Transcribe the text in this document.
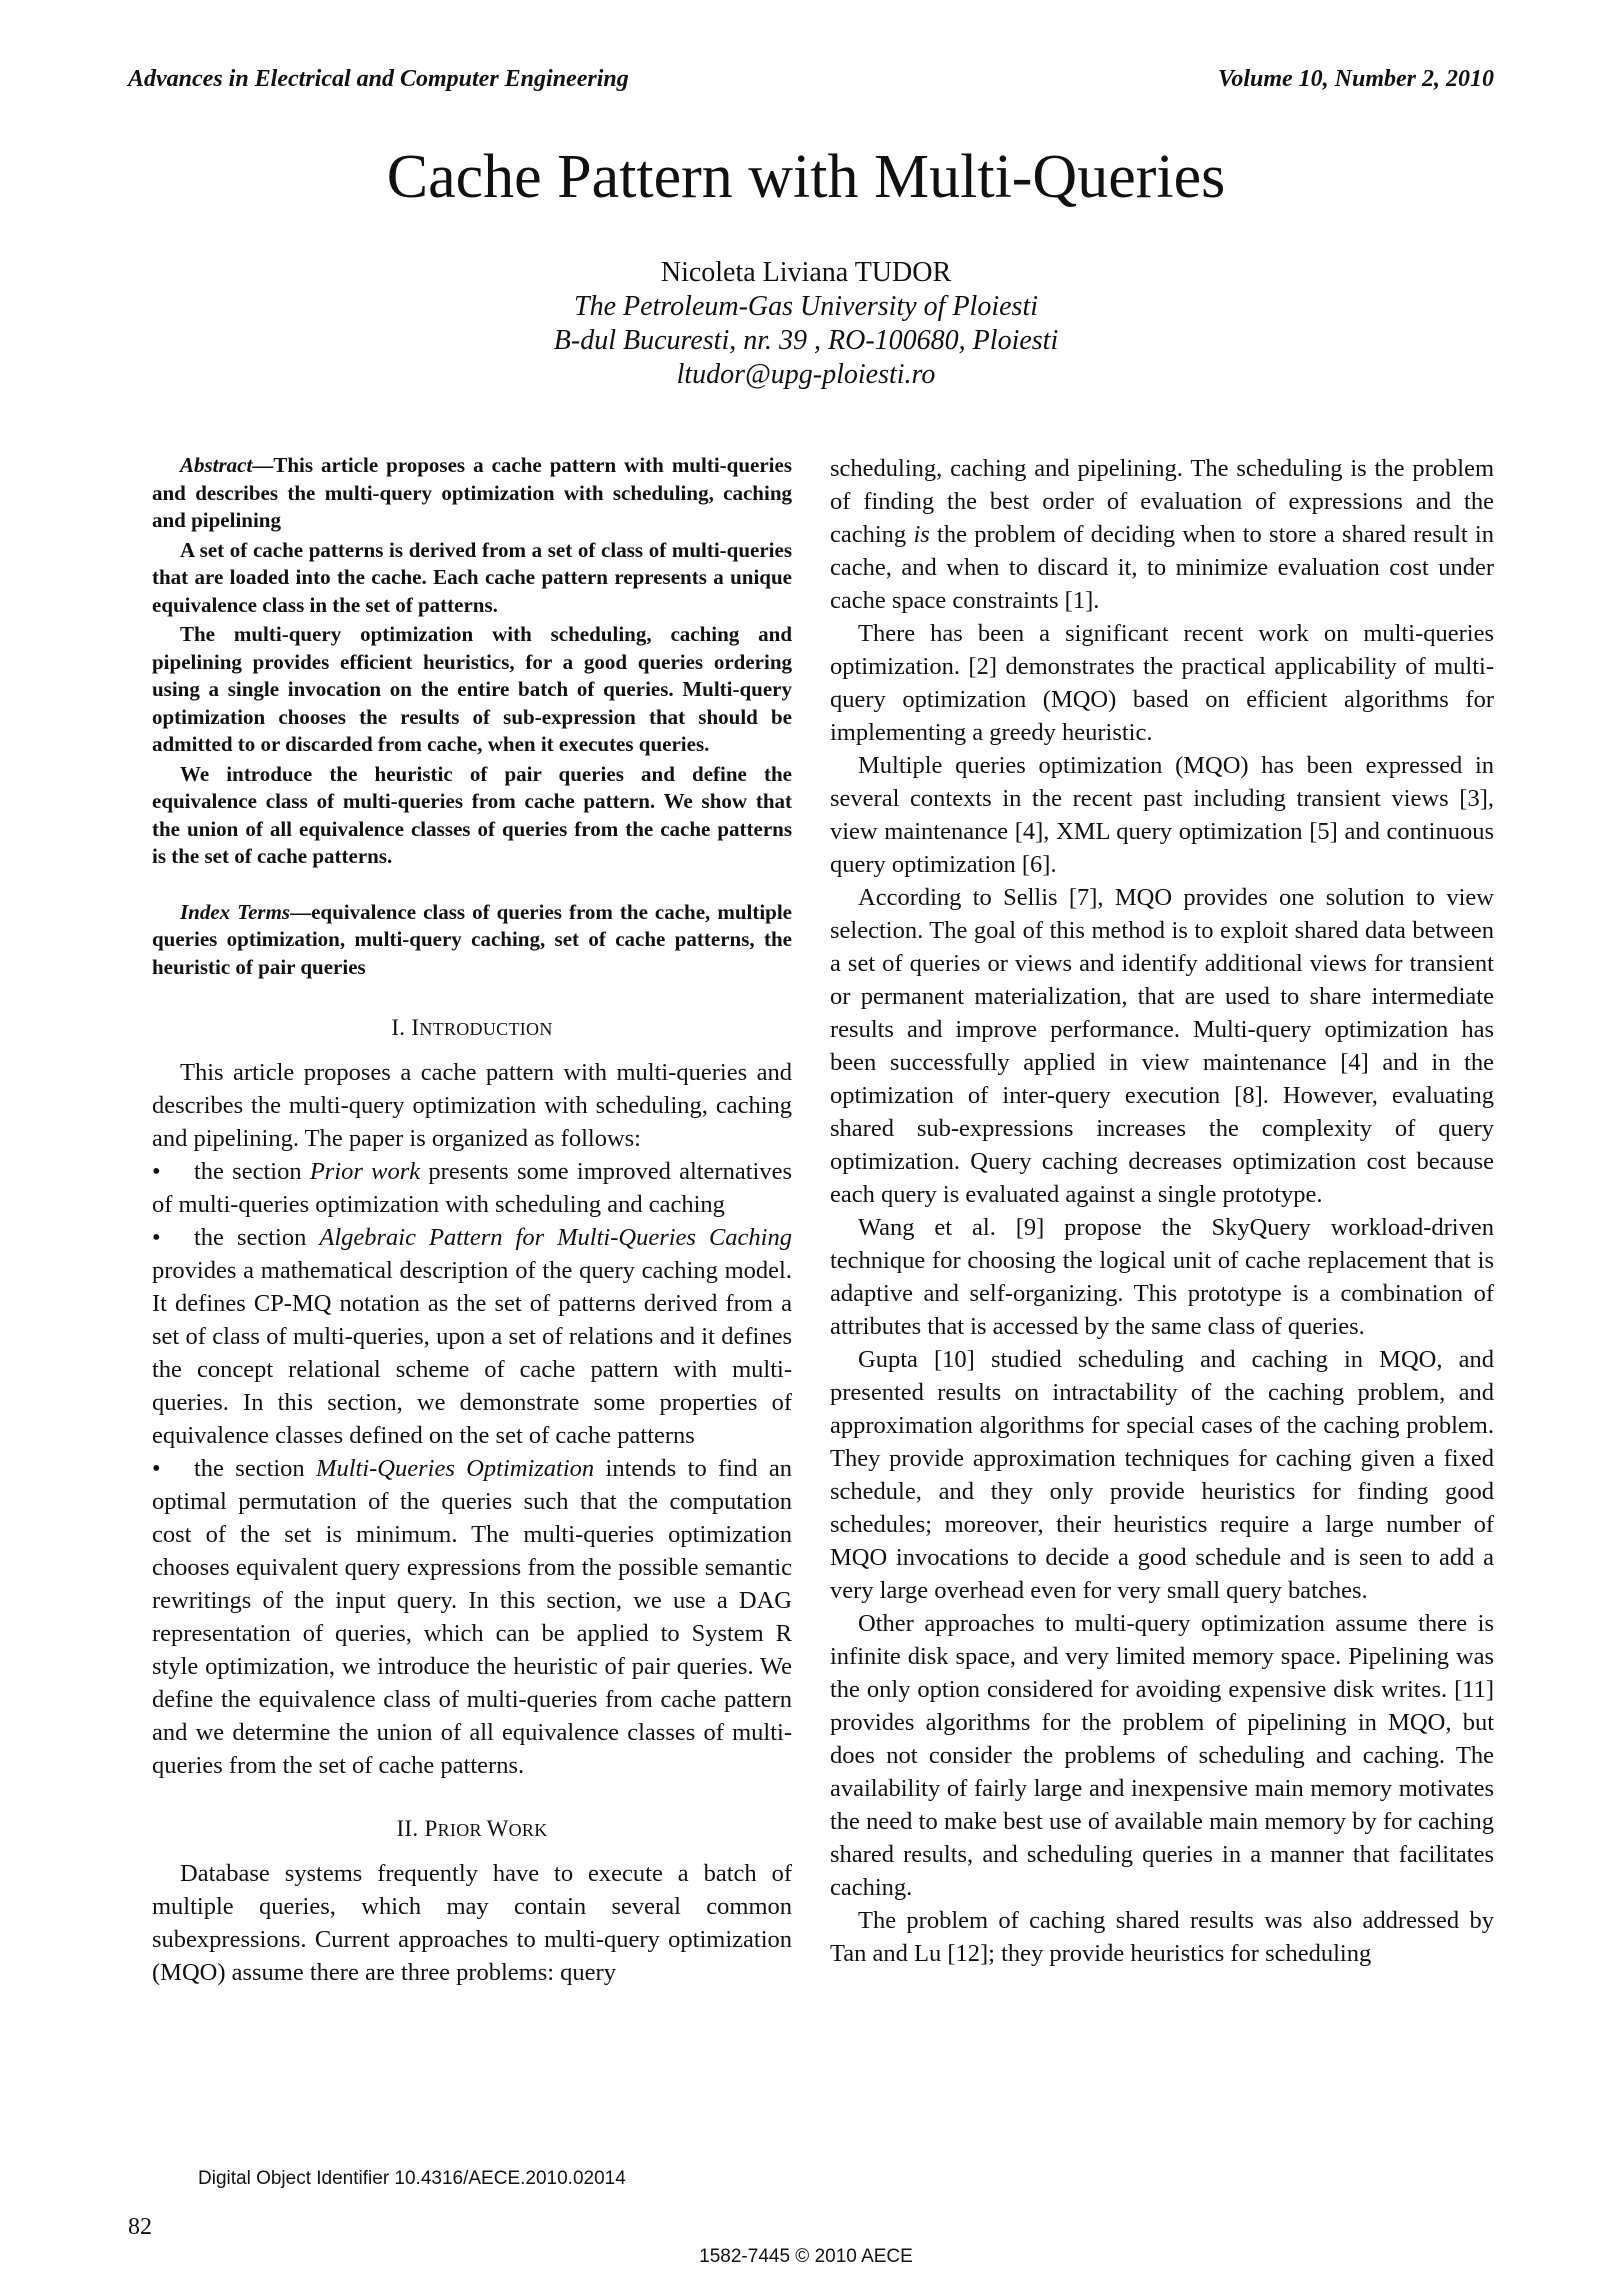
Advances in Electrical and Computer Engineering	Volume 10, Number 2, 2010
Cache Pattern with Multi-Queries
Nicoleta Liviana TUDOR
The Petroleum-Gas University of Ploiesti
B-dul Bucuresti, nr. 39 , RO-100680, Ploiesti
ltudor@upg-ploiesti.ro

Abstract—This article proposes a cache pattern with multi-queries and describes the multi-query optimization with scheduling, caching and pipelining

A set of cache patterns is derived from a set of class of multi-queries that are loaded into the cache. Each cache pattern represents a unique equivalence class in the set of patterns.

The multi-query optimization with scheduling, caching and pipelining provides efficient heuristics, for a good queries ordering using a single invocation on the entire batch of queries. Multi-query optimization chooses the results of sub-expression that should be admitted to or discarded from cache, when it executes queries.

We introduce the heuristic of pair queries and define the equivalence class of multi-queries from cache pattern. We show that the union of all equivalence classes of queries from the cache patterns is the set of cache patterns.

Index Terms—equivalence class of queries from the cache, multiple queries optimization, multi-query caching, set of cache patterns, the heuristic of pair queries

I. INTRODUCTION

This article proposes a cache pattern with multi-queries and describes the multi-query optimization with scheduling, caching and pipelining. The paper is organized as follows:

• the section Prior work presents some improved alternatives of multi-queries optimization with scheduling and caching
• the section Algebraic Pattern for Multi-Queries Caching provides a mathematical description of the query caching model. It defines CP-MQ notation as the set of patterns derived from a set of class of multi-queries, upon a set of relations and it defines the concept relational scheme of cache pattern with multi-queries. In this section, we demonstrate some properties of equivalence classes defined on the set of cache patterns
• the section Multi-Queries Optimization intends to find an optimal permutation of the queries such that the computation cost of the set is minimum. The multi-queries optimization chooses equivalent query expressions from the possible semantic rewritings of the input query. In this section, we use a DAG representation of queries, which can be applied to System R style optimization, we introduce the heuristic of pair queries. We define the equivalence class of multi-queries from cache pattern and we determine the union of all equivalence classes of multi-queries from the set of cache patterns.
II. PRIOR WORK

Database systems frequently have to execute a batch of multiple queries, which may contain several common subexpressions. Current approaches to multi-query optimization (MQO) assume there are three problems: query

scheduling, caching and pipelining. The scheduling is the problem of finding the best order of evaluation of expressions and the caching is the problem of deciding when to store a shared result in cache, and when to discard it, to minimize evaluation cost under cache space constraints [1].

There has been a significant recent work on multi-queries optimization. [2] demonstrates the practical applicability of multi-query optimization (MQO) based on efficient algorithms for implementing a greedy heuristic.

Multiple queries optimization (MQO) has been expressed in several contexts in the recent past including transient views [3], view maintenance [4], XML query optimization [5] and continuous query optimization [6].

According to Sellis [7], MQO provides one solution to view selection. The goal of this method is to exploit shared data between a set of queries or views and identify additional views for transient or permanent materialization, that are used to share intermediate results and improve performance. Multi-query optimization has been successfully applied in view maintenance [4] and in the optimization of inter-query execution [8]. However, evaluating shared sub-expressions increases the complexity of query optimization. Query caching decreases optimization cost because each query is evaluated against a single prototype.

Wang et al. [9] propose the SkyQuery workload-driven technique for choosing the logical unit of cache replacement that is adaptive and self-organizing. This prototype is a combination of attributes that is accessed by the same class of queries.

Gupta [10] studied scheduling and caching in MQO, and presented results on intractability of the caching problem, and approximation algorithms for special cases of the caching problem. They provide approximation techniques for caching given a fixed schedule, and they only provide heuristics for finding good schedules; moreover, their heuristics require a large number of MQO invocations to decide a good schedule and is seen to add a very large overhead even for very small query batches.

Other approaches to multi-query optimization assume there is infinite disk space, and very limited memory space. Pipelining was the only option considered for avoiding expensive disk writes. [11] provides algorithms for the problem of pipelining in MQO, but does not consider the problems of scheduling and caching. The availability of fairly large and inexpensive main memory motivates the need to make best use of available main memory by for caching shared results, and scheduling queries in a manner that facilitates caching.

The problem of caching shared results was also addressed by Tan and Lu [12]; they provide heuristics for scheduling

Digital Object Identifier 10.4316/AECE.2010.02014
82
1582-7445 © 2010 AECE
